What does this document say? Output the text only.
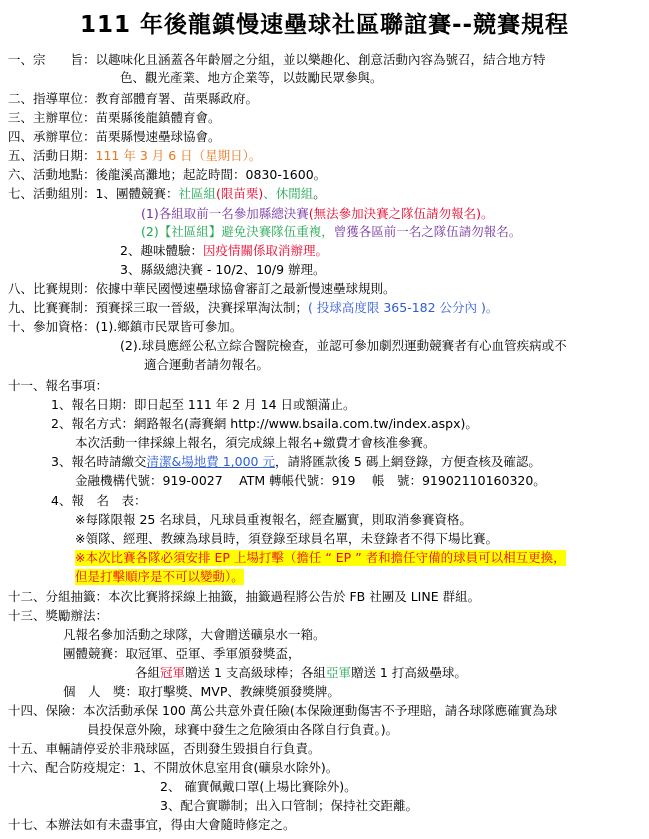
111 年後龍鎮慢速壘球社區聯誼賽--競賽規程
一、宗　　旨：以趣味化且涵蓋各年齡層之分組，並以樂趣化、創意活動內容為號召，結合地方特
色、觀光產業、地方企業等，以鼓勵民眾參與。
二、指導單位：教育部體育署、苗栗縣政府。
三、主辦單位：苗栗縣後龍鎮體育會。
四、承辦單位：苗栗縣慢速壘球協會。
五、活動日期：111 年 3 月 6 日（星期日）。
六、活動地點：後龍溪高灘地；起訖時間：0830-1600。
七、活動組別：1、團體競賽：社區組(限苗栗)、休閒組。
(1)各組取前一名參加縣總決賽(無法參加決賽之隊伍請勿報名)。
(2)【社區組】避免決賽隊伍重複，曾獲各區前一名之隊伍請勿報名。
2、趣味體驗：因疫情關係取消辦理。
3、縣級總決賽 - 10/2、10/9 辦理。
八、比賽規則：依據中華民國慢速壘球協會審訂之最新慢速壘球規則。
九、比賽賽制：預賽採三取一晉級，決賽採單淘汰制；( 投球高度限 365-182 公分內 )。
十、參加資格：(1).鄉鎮市民眾皆可參加。
(2).球員應經公私立綜合醫院檢查，並認可參加劇烈運動競賽者有心血管疾病或不
適合運動者請勿報名。
十一、報名事項：
1、報名日期：即日起至 111 年 2 月 14 日或額滿止。
2、報名方式：網路報名(壽賽網 http://www.bsaila.com.tw/index.aspx)。
本次活動一律採線上報名，須完成線上報名+繳費才會核准參賽。
3、報名時請繳交清潔&場地費 1,000 元，請將匯款後 5 碼上網登錄，方便查核及確認。
金融機構代號：919-0027　 ATM 轉帳代號：919　 帳　號：91902110160320。
4、報　名　表：
※每隊限報 25 名球員，凡球員重複報名，經查屬實，則取消參賽資格。
※領隊、經理、教練為球員時，須登錄至球員名單，未登錄者不得下場比賽。
※本次比賽各隊必須安排 EP 上場打擊（擔任 “ EP ” 者和擔任守備的球員可以相互更換，
但是打擊順序是不可以變動）。
十二、分組抽籤：本次比賽將採線上抽籤，抽籤過程將公告於 FB 社團及 LINE 群組。
十三、獎勵辦法：
凡報名參加活動之球隊，大會贈送礦泉水一箱。
團體競賽：取冠軍、亞軍、季軍頒發獎盃，
各組冠軍贈送 1 支高級球棒；各組亞軍贈送 1 打高級壘球。
個　人　獎：取打擊獎、MVP、教練獎頒發獎牌。
十四、保險：本次活動承保 100 萬公共意外責任險(本保險運動傷害不予理賠，請各球隊應確實為球
員投保意外險，球賽中發生之危險須由各隊自行負責。)。
十五、車輛請停妥於非飛球區，否則發生毀損自行負責。
十六、配合防疫規定：1、不開放休息室用食(礦泉水除外)。
2、 確實佩戴口罩(上場比賽除外)。
3、配合實聯制；出入口管制；保持社交距離。
十七、本辦法如有未盡事宜，得由大會隨時修定之。
